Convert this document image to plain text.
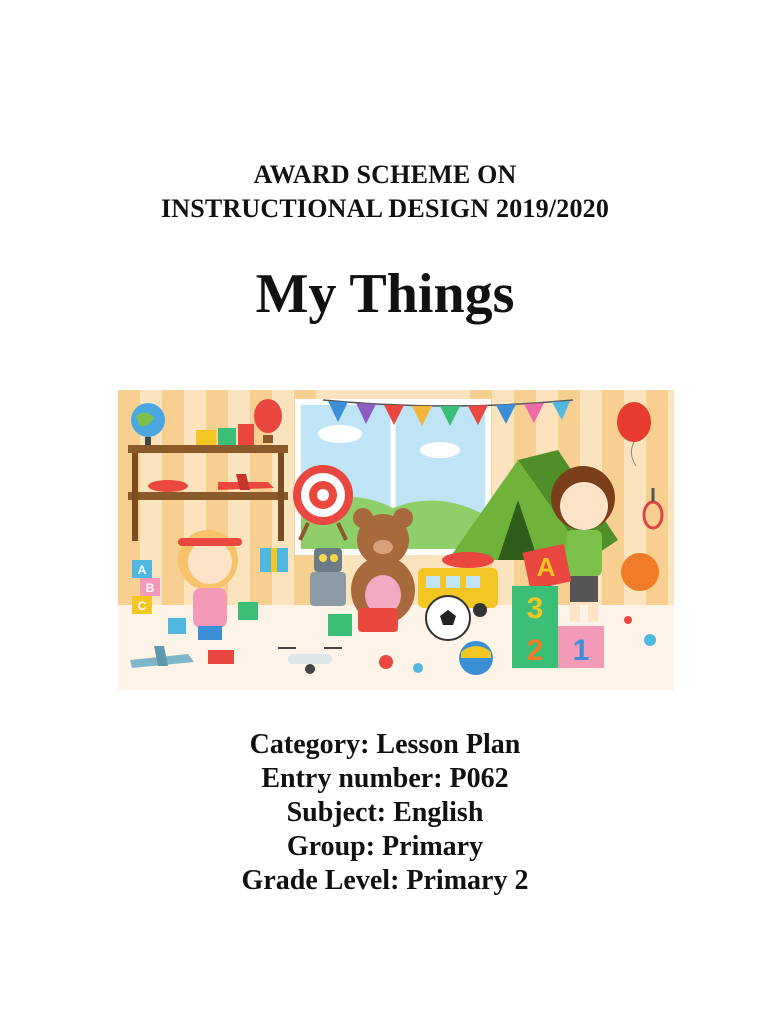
AWARD SCHEME ON
INSTRUCTIONAL DESIGN 2019/2020
My Things
A
B
C
A
3
2 1
Category: Lesson Plan
Entry number: P062
Subject: English
Group: Primary
Grade Level: Primary 2
